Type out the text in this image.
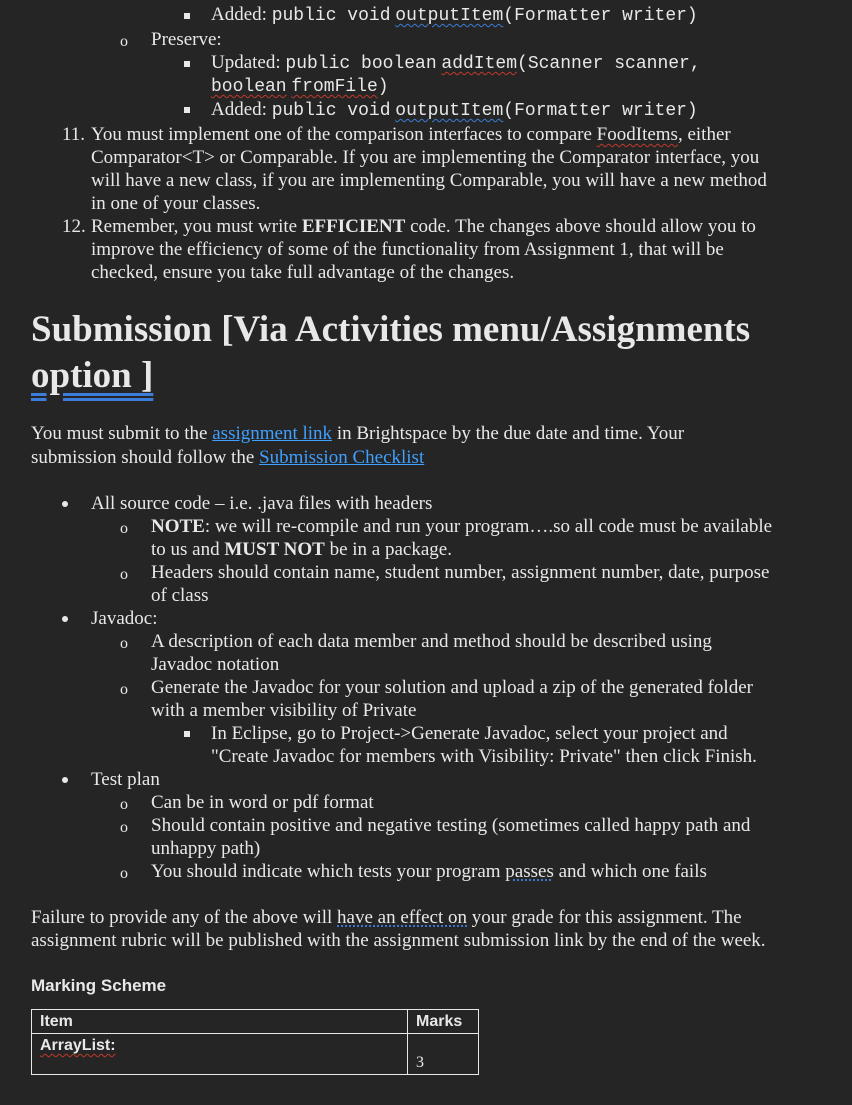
Added: public void outputItem(Formatter writer)
o Preserve:
Updated: public boolean addItem(Scanner scanner,
boolean fromFile)
Added: public void outputItem(Formatter writer)
11. You must implement one of the comparison interfaces to compare FoodItems, either
Comparator<T> or Comparable. If you are implementing the Comparator interface, you
will have a new class, if you are implementing Comparable, you will have a new method
in one of your classes.
12. Remember, you must write EFFICIENT code. The changes above should allow you to
improve the efficiency of some of the functionality from Assignment 1, that will be
checked, ensure you take full advantage of the changes.
Submission [Via Activities menu/Assignments
option ]
You must submit to the assignment link in Brightspace by the due date and time. Your
submission should follow the Submission Checklist
All source code – i.e. .java files with headers
o NOTE: we will re-compile and run your program….so all code must be available
to us and MUST NOT be in a package.
o Headers should contain name, student number, assignment number, date, purpose
of class
Javadoc:
o A description of each data member and method should be described using
Javadoc notation
o Generate the Javadoc for your solution and upload a zip of the generated folder
with a member visibility of Private
In Eclipse, go to Project->Generate Javadoc, select your project and
"Create Javadoc for members with Visibility: Private" then click Finish.
Test plan
o Can be in word or pdf format
o Should contain positive and negative testing (sometimes called happy path and
unhappy path)
o You should indicate which tests your program passes and which one fails
Failure to provide any of the above will have an effect on your grade for this assignment. The
assignment rubric will be published with the assignment submission link by the end of the week.
Marking Scheme
Item	Marks
ArrayList:	3
